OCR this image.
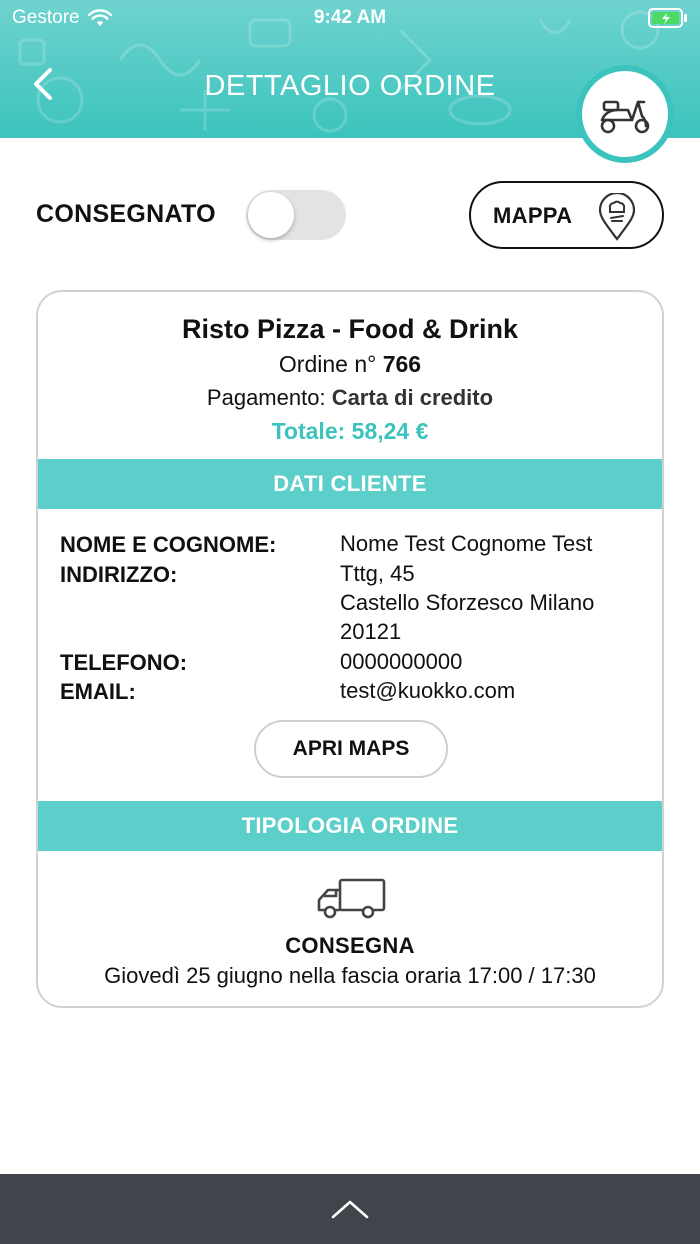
Gestore	9:42 AM
DETTAGLIO ORDINE
CONSEGNATO	MAPPA
Risto Pizza - Food & Drink
Ordine n° 766
Pagamento: Carta di credito
Totale: 58,24 €
DATI CLIENTE
NOME E COGNOME:	Nome Test Cognome Test
INDIRIZZO:	Tttg, 45
Castello Sforzesco Milano
20121
TELEFONO:	0000000000
EMAIL:	test@kuokko.com
APRI MAPS
TIPOLOGIA ORDINE
CONSEGNA
Giovedì 25 giugno nella fascia oraria 17:00 / 17:30
